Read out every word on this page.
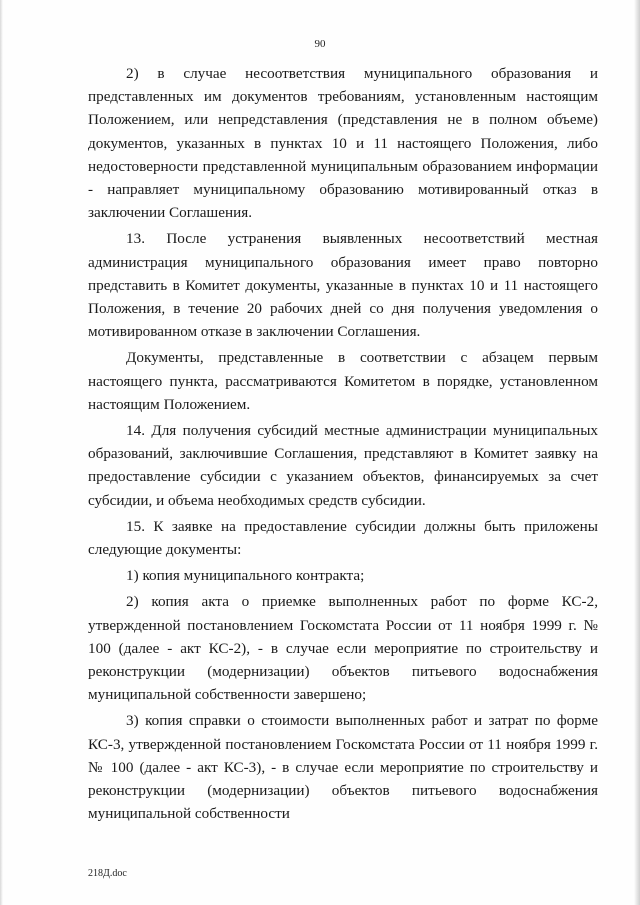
90

2) в случае несоответствия муниципального образования и представленных им документов требованиям, установленным настоящим Положением, или непредставления (представления не в полном объеме) документов, указанных в пунктах 10 и 11 настоящего Положения, либо недостоверности представленной муниципальным образованием информации - направляет муниципальному образованию мотивированный отказ в заключении Соглашения.

13. После устранения выявленных несоответствий местная администрация муниципального образования имеет право повторно представить в Комитет документы, указанные в пунктах 10 и 11 настоящего Положения, в течение 20 рабочих дней со дня получения уведомления о мотивированном отказе в заключении Соглашения.

Документы, представленные в соответствии с абзацем первым настоящего пункта, рассматриваются Комитетом в порядке, установленном настоящим Положением.

14. Для получения субсидий местные администрации муниципальных образований, заключившие Соглашения, представляют в Комитет заявку на предоставление субсидии с указанием объектов, финансируемых за счет субсидии, и объема необходимых средств субсидии.

15. К заявке на предоставление субсидии должны быть приложены следующие документы:

1) копия муниципального контракта;

2) копия акта о приемке выполненных работ по форме КС-2, утвержденной постановлением Госкомстата России от 11 ноября 1999 г. № 100 (далее - акт КС-2), - в случае если мероприятие по строительству и реконструкции (модернизации) объектов питьевого водоснабжения муниципальной собственности завершено;

3) копия справки о стоимости выполненных работ и затрат по форме КС-3, утвержденной постановлением Госкомстата России от 11 ноября 1999 г. № 100 (далее - акт КС-3), - в случае если мероприятие по строительству и реконструкции (модернизации) объектов питьевого водоснабжения муниципальной собственности

218Д.doc
